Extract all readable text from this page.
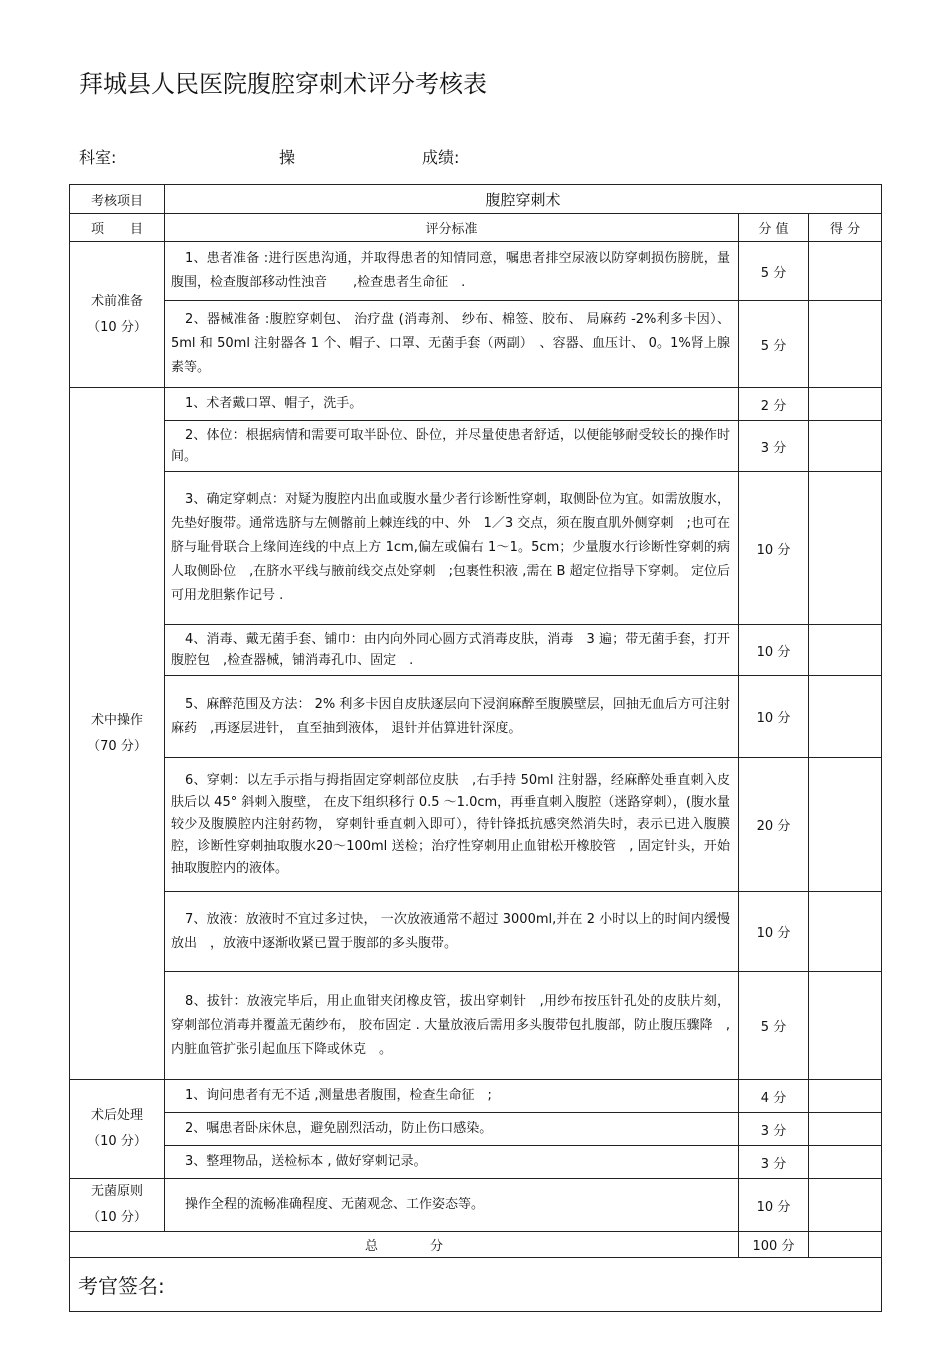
拜城县人民医院腹腔穿刺术评分考核表
科室:	操	成绩:
考核项目	腹腔穿刺术		
项　　目	评分标准	分 值	得 分

术前准备
（10 分）	1、患者准备 :进行医患沟通，并取得患者的知情同意，嘱患者排空尿液以防穿刺损伤膀胱，量腹围，检查腹部移动性浊音　　,检查患者生命征　.	5 分	
	2、器械准备 :腹腔穿刺包、 治疗盘 (消毒剂、 纱布、棉签、胶布、 局麻药 -2%利多卡因）、5ml 和 50ml 注射器各 1 个、帽子、口罩、无菌手套（两副）　、容器、血压计、 0。1%肾上腺素等。	5 分	

术中操作
（70 分）	1、术者戴口罩、帽子，洗手。	2 分	
	2、体位：根据病情和需要可取半卧位、卧位，并尽量使患者舒适，以便能够耐受较长的操作时间。	3 分	
	3、确定穿刺点：对疑为腹腔内出血或腹水量少者行诊断性穿刺，取侧卧位为宜。如需放腹水，先垫好腹带。通常选脐与左侧髂前上棘连线的中、外　1／3 交点，须在腹直肌外侧穿刺　;也可在脐与耻骨联合上缘间连线的中点上方 1cm,偏左或偏右 1～1。5cm；少量腹水行诊断性穿刺的病人取侧卧位　,在脐水平线与腋前线交点处穿刺　;包裹性积液 ,需在 B 超定位指导下穿刺。 定位后可用龙胆紫作记号 .	10 分	
	4、消毒、戴无菌手套、铺巾：由内向外同心圆方式消毒皮肤，消毒　3 遍；带无菌手套，打开腹腔包　,检查器械，铺消毒孔巾、固定　.	10 分	
	5、麻醉范围及方法： 2% 利多卡因自皮肤逐层向下浸润麻醉至腹膜壁层，回抽无血后方可注射麻药　,再逐层进针， 直至抽到液体， 退针并估算进针深度。	10 分	
	6、穿刺：以左手示指与拇指固定穿刺部位皮肤　,右手持 50ml 注射器，经麻醉处垂直刺入皮肤后以 45° 斜刺入腹壁， 在皮下组织移行 0.5 ～1.0cm，再垂直刺入腹腔（迷路穿刺），(腹水量较少及腹膜腔内注射药物， 穿刺针垂直刺入即可），待针锋抵抗感突然消失时，表示已进入腹膜腔，诊断性穿刺抽取腹水20～100ml 送检；治疗性穿刺用止血钳松开橡胶管　, 固定针头，开始抽取腹腔内的液体。	20 分	
	7、放液：放液时不宜过多过快， 一次放液通常不超过 3000ml,并在 2 小时以上的时间内缓慢放出　，放液中逐渐收紧已置于腹部的多头腹带。	10 分	
	8、拔针：放液完毕后，用止血钳夹闭橡皮管，拔出穿刺针　,用纱布按压针孔处的皮肤片刻， 穿刺部位消毒并覆盖无菌纱布， 胶布固定 . 大量放液后需用多头腹带包扎腹部，防止腹压骤降　,内脏血管扩张引起血压下降或休克　。	5 分	

术后处理
（10 分）	1、询问患者有无不适 ,测量患者腹围，检查生命征　;	4 分	
	2、嘱患者卧床休息，避免剧烈活动，防止伤口感染。	3 分	
	3、整理物品，送检标本 , 做好穿刺记录。	3 分	

无菌原则
（10 分）	操作全程的流畅准确程度、无菌观念、工作姿态等。	10 分	
总　　　　分		100 分	
考官签名:			
